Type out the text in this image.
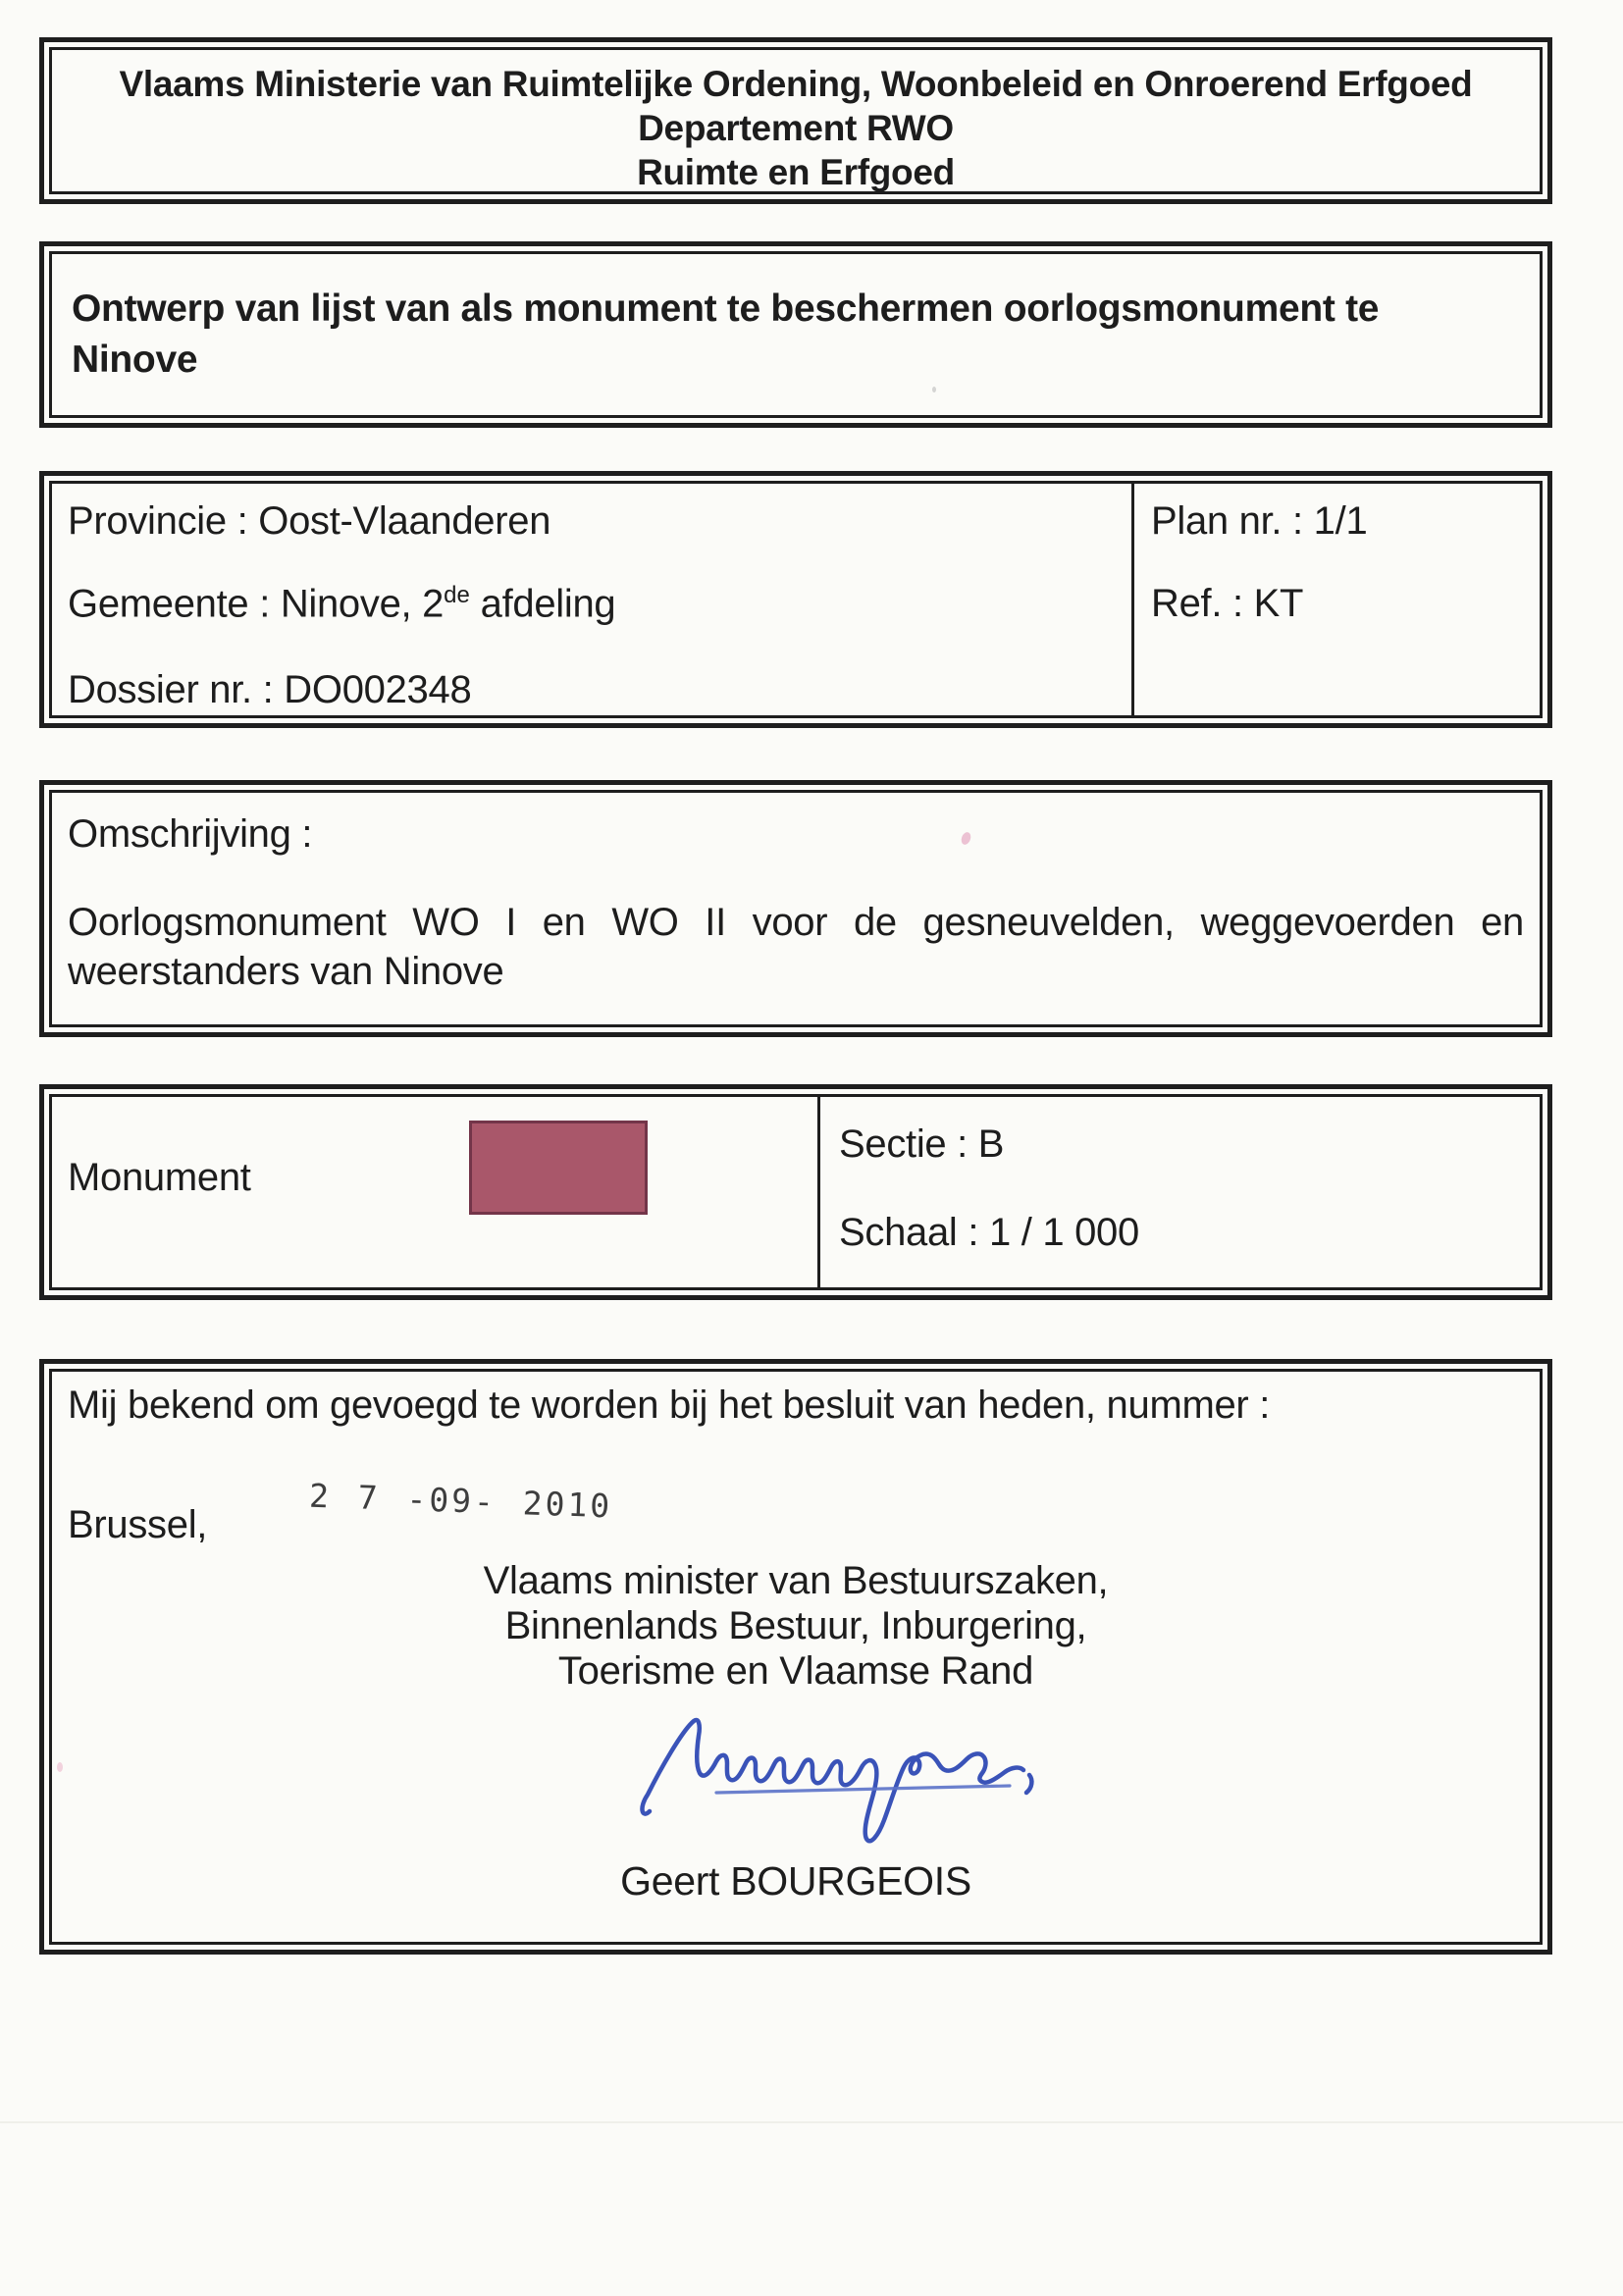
Vlaams Ministerie van Ruimtelijke Ordening, Woonbeleid en Onroerend Erfgoed
Departement RWO
Ruimte en Erfgoed
Ontwerp van lijst van als monument te beschermen oorlogsmonument te
Ninove
Provincie : Oost-Vlaanderen
Gemeente : Ninove, 2de afdeling
Dossier nr. : DO002348
Plan nr. : 1/1
Ref. : KT
Omschrijving :
Oorlogsmonument WO I en WO II voor de gesneuvelden, weggevoerden en
weerstanders van Ninove
Monument
Sectie : B
Schaal : 1 / 1 000
Mij bekend om gevoegd te worden bij het besluit van heden, nummer :
Brussel,	2 7 -09- 2010
Vlaams minister van Bestuurszaken,
Binnenlands Bestuur, Inburgering,
Toerisme en Vlaamse Rand
Geert BOURGEOIS
